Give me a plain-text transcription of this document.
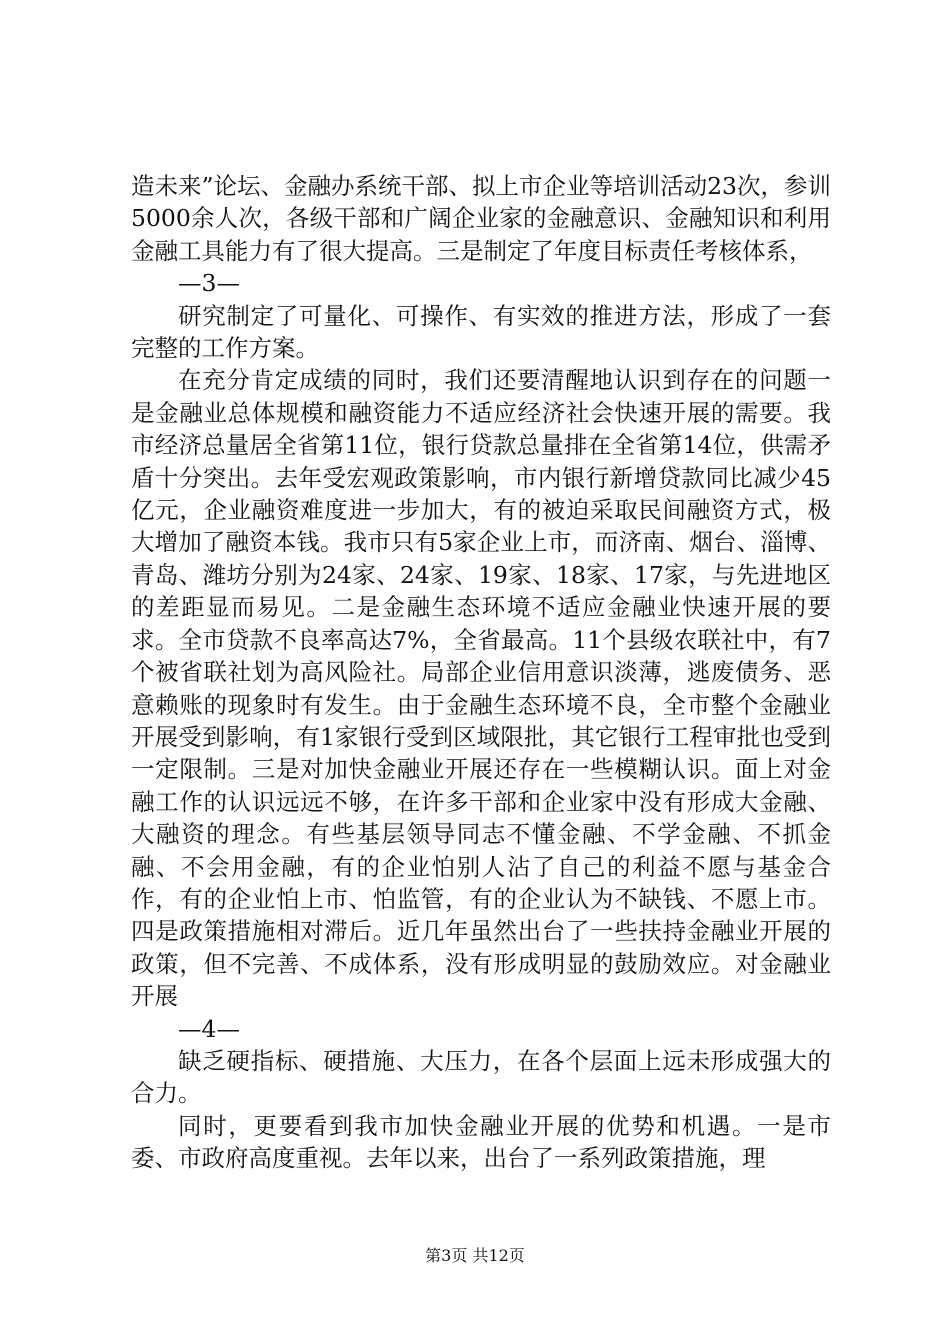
造未来”论坛、金融办系统干部、拟上市企业等培训活动23次，参训5000余人次，各级干部和广阔企业家的金融意识、金融知识和利用金融工具能力有了很大提高。三是制定了年度目标责任考核体系，

—3—

研究制定了可量化、可操作、有实效的推进方法，形成了一套完整的工作方案。

在充分肯定成绩的同时，我们还要清醒地认识到存在的问题一是金融业总体规模和融资能力不适应经济社会快速开展的需要。我市经济总量居全省第11位，银行贷款总量排在全省第14位，供需矛盾十分突出。去年受宏观政策影响，市内银行新增贷款同比减少45亿元，企业融资难度进一步加大，有的被迫采取民间融资方式，极大增加了融资本钱。我市只有5家企业上市，而济南、烟台、淄博、青岛、潍坊分别为24家、24家、19家、18家、17家，与先进地区的差距显而易见。二是金融生态环境不适应金融业快速开展的要求。全市贷款不良率高达7%，全省最高。11个县级农联社中，有7个被省联社划为高风险社。局部企业信用意识淡薄，逃废债务、恶意赖账的现象时有发生。由于金融生态环境不良，全市整个金融业开展受到影响，有1家银行受到区域限批，其它银行工程审批也受到一定限制。三是对加快金融业开展还存在一些模糊认识。面上对金融工作的认识远远不够，在许多干部和企业家中没有形成大金融、大融资的理念。有些基层领导同志不懂金融、不学金融、不抓金融、不会用金融，有的企业怕别人沾了自己的利益不愿与基金合作，有的企业怕上市、怕监管，有的企业认为不缺钱、不愿上市。四是政策措施相对滞后。近几年虽然出台了一些扶持金融业开展的政策，但不完善、不成体系，没有形成明显的鼓励效应。对金融业开展

—4—

缺乏硬指标、硬措施、大压力，在各个层面上远未形成强大的合力。

同时，更要看到我市加快金融业开展的优势和机遇。一是市委、市政府高度重视。去年以来，出台了一系列政策措施，理

第3页 共12页
